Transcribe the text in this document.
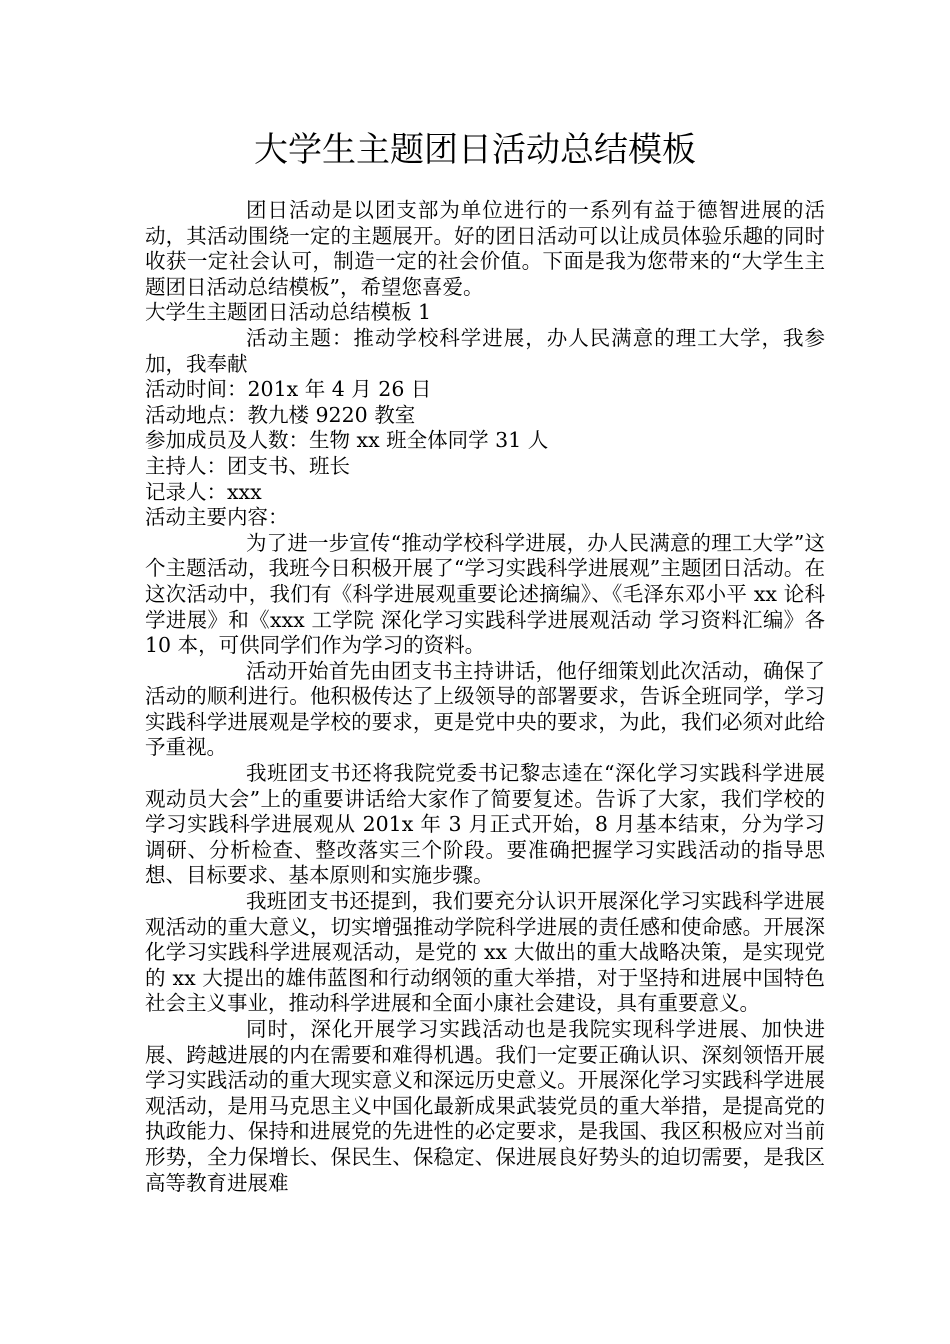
大学生主题团日活动总结模板

团日活动是以团支部为单位进行的一系列有益于德智进展的活动，其活动围绕一定的主题展开。好的团日活动可以让成员体验乐趣的同时收获一定社会认可，制造一定的社会价值。下面是我为您带来的“大学生主题团日活动总结模板”，希望您喜爱。

大学生主题团日活动总结模板 1

活动主题：推动学校科学进展，办人民满意的理工大学，我参加，我奉献

活动时间：201x 年 4 月 26 日

活动地点：教九楼 9220 教室

参加成员及人数：生物 xx 班全体同学 31 人

主持人：团支书、班长

记录人：xxx

活动主要内容：

为了进一步宣传“推动学校科学进展，办人民满意的理工大学”这个主题活动，我班今日积极开展了“学习实践科学进展观”主题团日活动。在这次活动中，我们有《科学进展观重要论述摘编》、《毛泽东邓小平 xx 论科学进展》和《xxx 工学院 深化学习实践科学进展观活动 学习资料汇编》各 10 本，可供同学们作为学习的资料。

活动开始首先由团支书主持讲话，他仔细策划此次活动，确保了活动的顺利进行。他积极传达了上级领导的部署要求，告诉全班同学，学习实践科学进展观是学校的要求，更是党中央的要求，为此，我们必须对此给予重视。

我班团支书还将我院党委书记黎志逵在“深化学习实践科学进展观动员大会”上的重要讲话给大家作了简要复述。告诉了大家，我们学校的学习实践科学进展观从 201x 年 3 月正式开始，8 月基本结束，分为学习调研、分析检查、整改落实三个阶段。要准确把握学习实践活动的指导思想、目标要求、基本原则和实施步骤。

我班团支书还提到，我们要充分认识开展深化学习实践科学进展观活动的重大意义，切实增强推动学院科学进展的责任感和使命感。开展深化学习实践科学进展观活动，是党的 xx 大做出的重大战略决策，是实现党的 xx 大提出的雄伟蓝图和行动纲领的重大举措，对于坚持和进展中国特色社会主义事业，推动科学进展和全面小康社会建设，具有重要意义。

同时，深化开展学习实践活动也是我院实现科学进展、加快进展、跨越进展的内在需要和难得机遇。我们一定要正确认识、深刻领悟开展学习实践活动的重大现实意义和深远历史意义。开展深化学习实践科学进展观活动，是用马克思主义中国化最新成果武装党员的重大举措，是提高党的执政能力、保持和进展党的先进性的必定要求，是我国、我区积极应对当前形势，全力保增长、保民生、保稳定、保进展良好势头的迫切需要，是我区高等教育进展难
